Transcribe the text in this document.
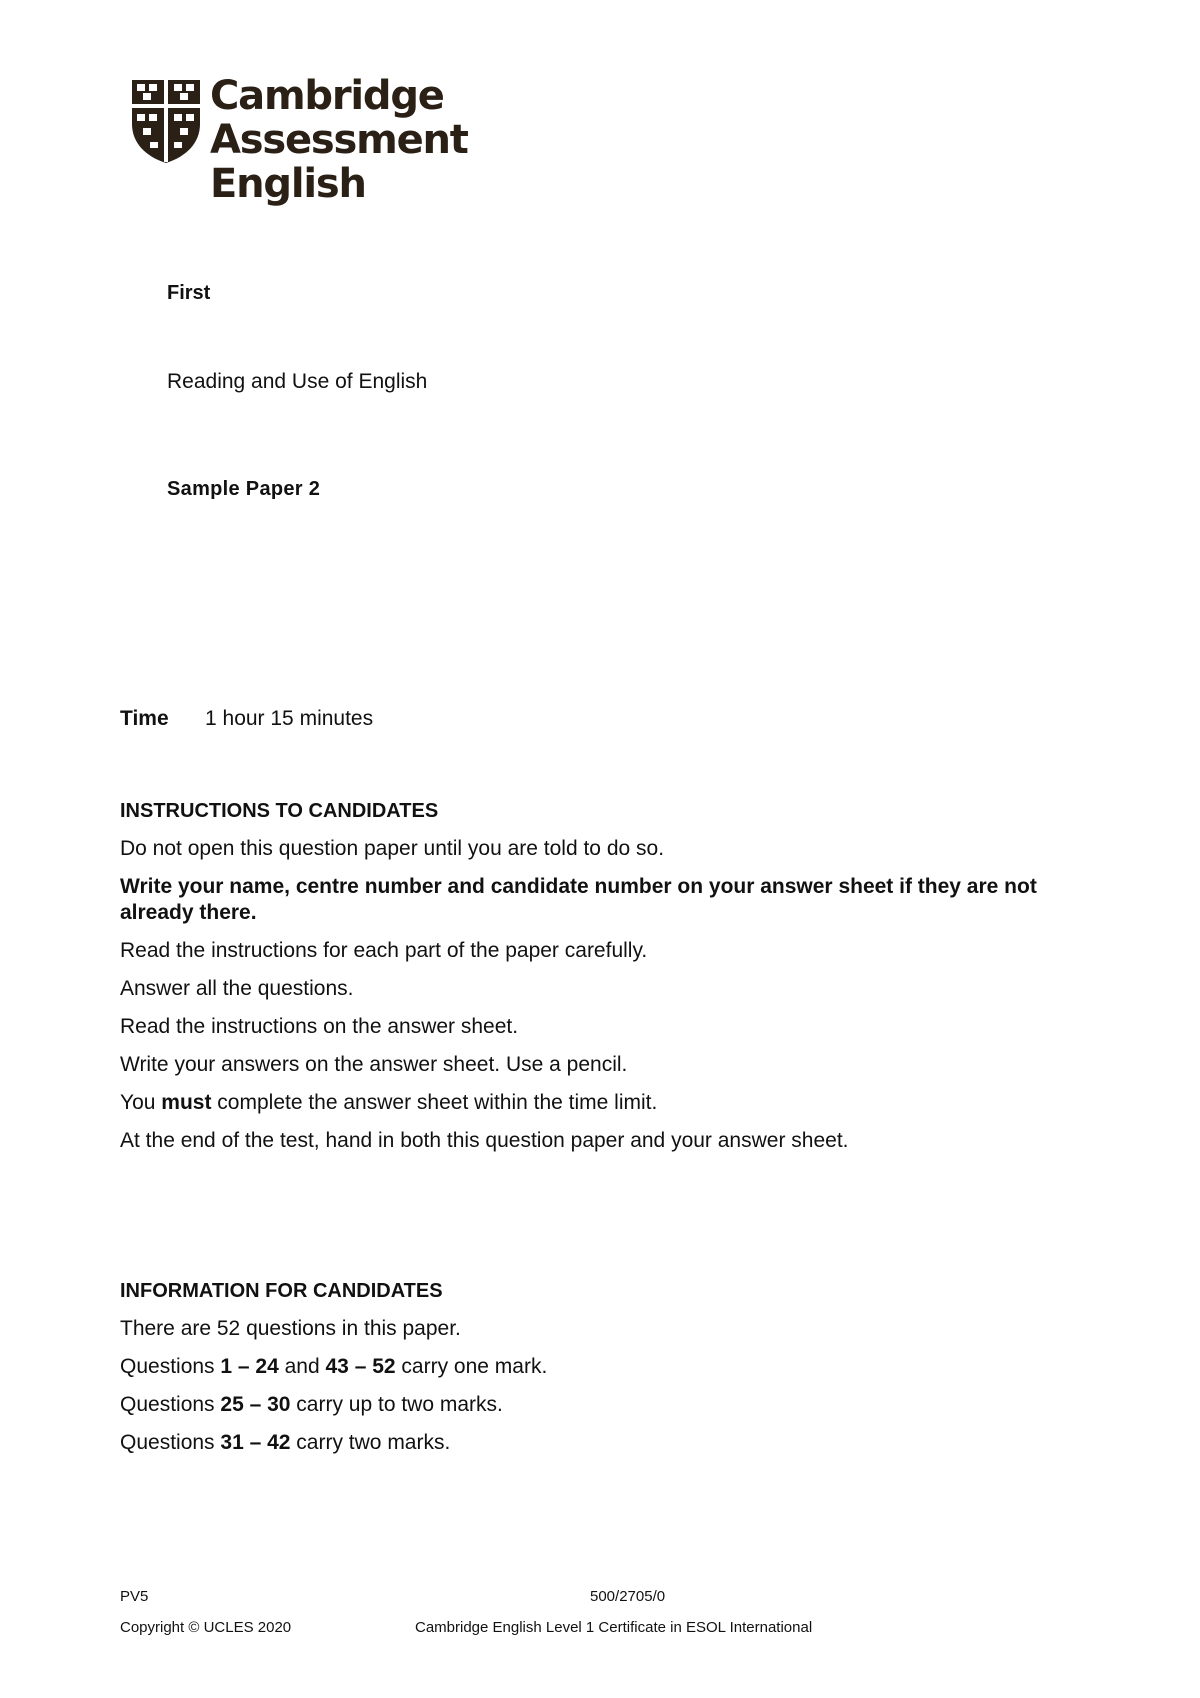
Cambridge Assessment
English
First
Reading and Use of English
Sample Paper 2
Time 1 hour 15 minutes
INSTRUCTIONS TO CANDIDATES

Do not open this question paper until you are told to do so.

Write your name, centre number and candidate number on your answer sheet if they are not already there.

Read the instructions for each part of the paper carefully.

Answer all the questions.

Read the instructions on the answer sheet.

Write your answers on the answer sheet. Use a pencil.

You must complete the answer sheet within the time limit.

At the end of the test, hand in both this question paper and your answer sheet.

INFORMATION FOR CANDIDATES

There are 52 questions in this paper.

Questions 1 – 24 and 43 – 52 carry one mark.

Questions 25 – 30 carry up to two marks.

Questions 31 – 42 carry two marks.

PV5	500/2705/0
Copyright © UCLES 2020	Cambridge English Level 1 Certificate in ESOL International
